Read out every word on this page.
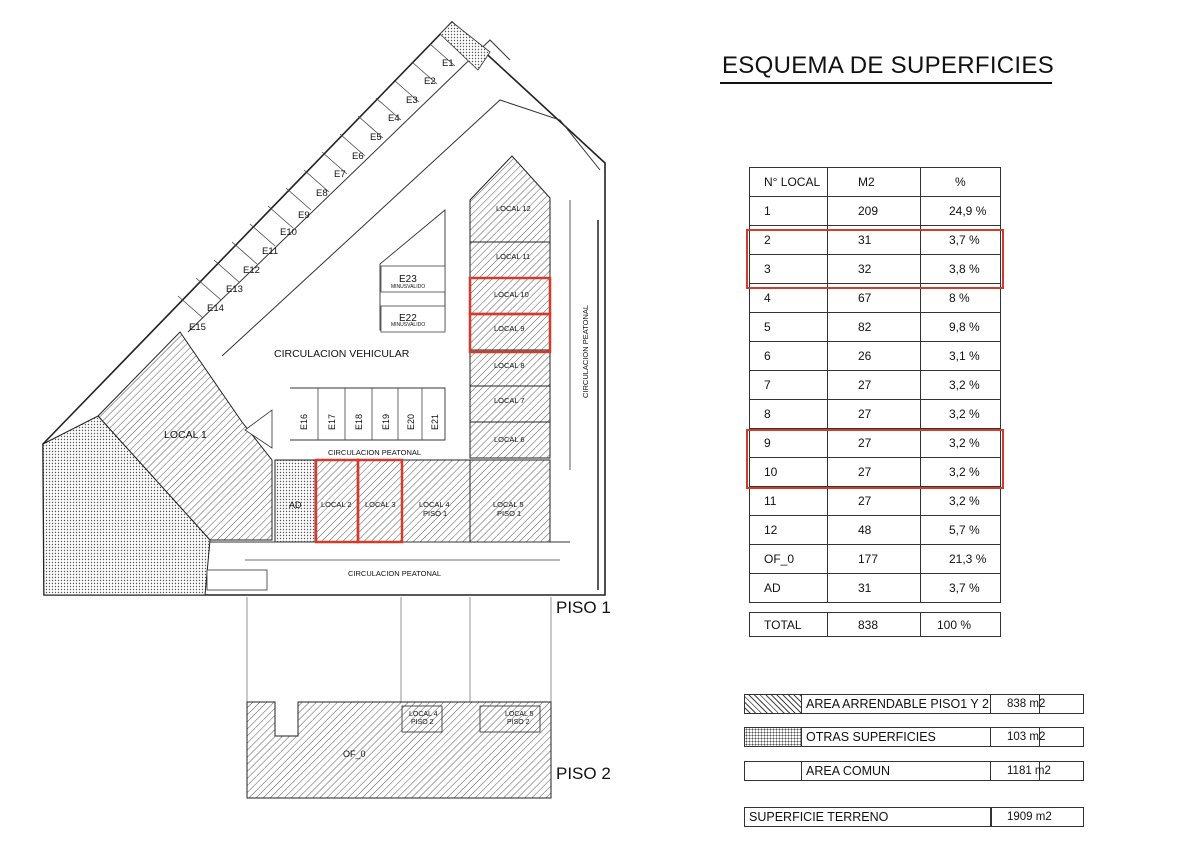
E1
E2
E3
E4
E5
E6
E7
E8
E9
E10
E11
E12
E13
E14
E15
LOCAL 1
E23
MINUSVALIDO
E22
MINUSVALIDO
CIRCULACION VEHICULAR
E16 E17 E18 E19 E20 E21
CIRCULACION PEATONAL
LOCAL 12
LOCAL 11
LOCAL 10
LOCAL 9
LOCAL 8
LOCAL 7
LOCAL 6
CIRCULACION PEATONAL
AD	LOCAL 2 LOCAL 3	LOCAL 4
PISO 1
LOCAL 5
PISO 1
CIRCULACION PEATONAL
PISO 1
LOCAL 4
PISO 2
LOCAL 5
PISO 2
OF_0
PISO 2
ESQUEMA DE SUPERFICIES
N° LOCAL	M2	%
1	209	24,9 %
2	31	3,7 %
3	32	3,8 %
4	67	8 %
5	82	9,8 %
6	26	3,1 %
7	27	3,2 %
8	27	3,2 %
9	27	3,2 %
10	27	3,2 %
11	27	3,2 %
12	48	5,7 %
OF_0	177	21,3 %
AD	31	3,7 %

TOTAL	838	100 %
AREA ARRENDABLE PISO1 Y 2	838 m2
OTRAS SUPERFICIES	103 m2
AREA COMUN	1181 m2
SUPERFICIE TERRENO	1909 m2
